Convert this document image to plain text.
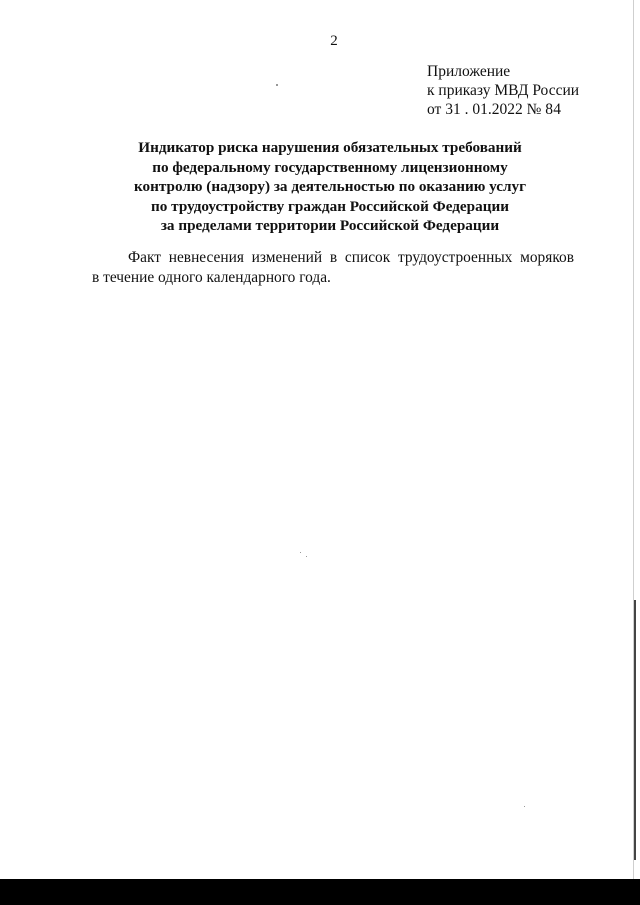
2
Приложение
к приказу МВД России
от 31 . 01.2022 № 84
Индикатор риска нарушения обязательных требований
по федеральному государственному лицензионному
контролю (надзору) за деятельностью по оказанию услуг
по трудоустройству граждан Российской Федерации
за пределами территории Российской Федерации
Факт невнесения изменений в список трудоустроенных моряков
в течение одного календарного года.
